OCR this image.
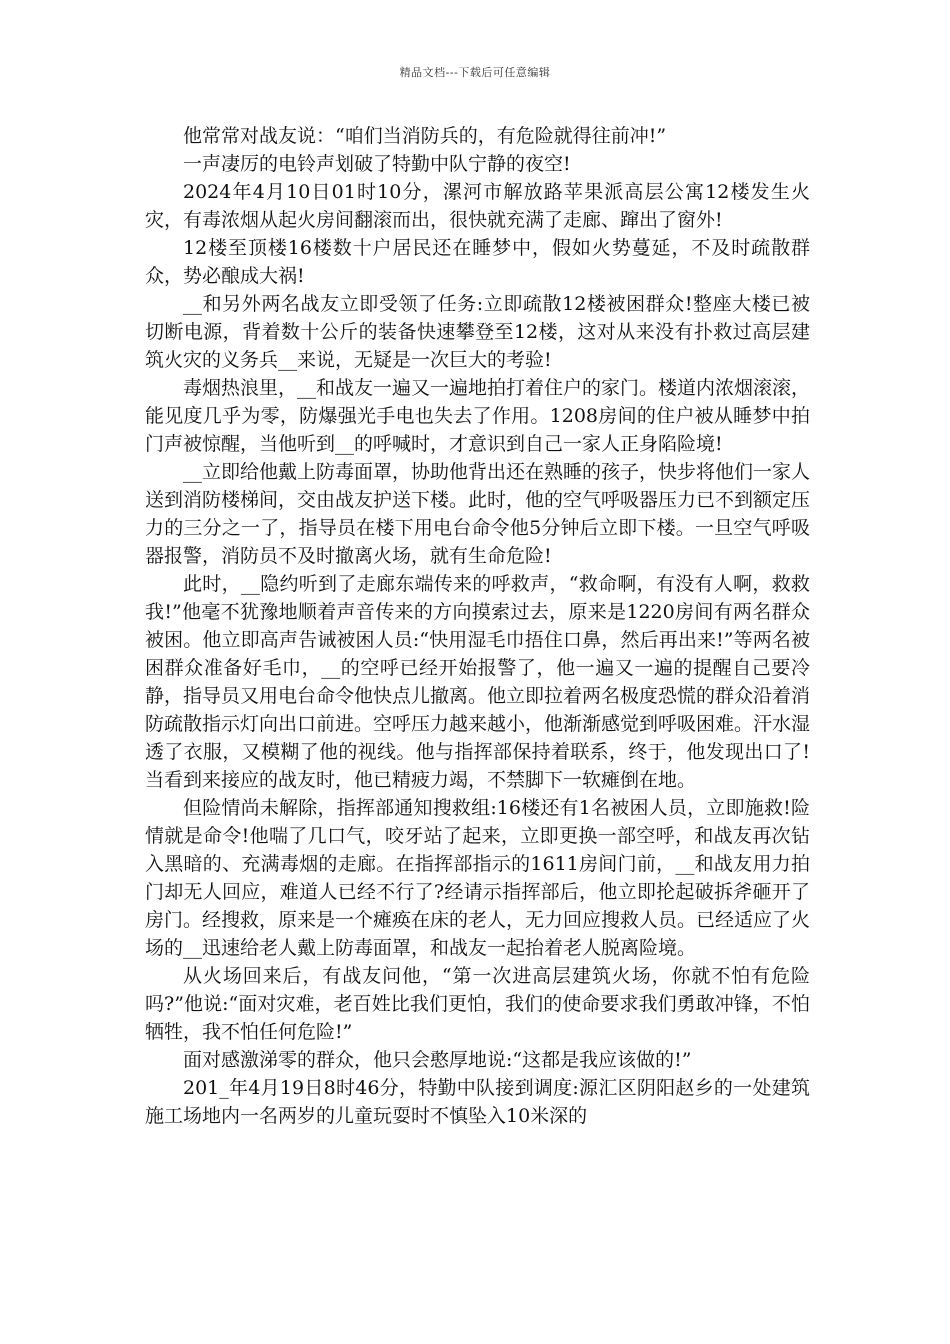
精品文档---下载后可任意编辑

他常常对战友说：“咱们当消防兵的，有危险就得往前冲!”

一声凄厉的电铃声划破了特勤中队宁静的夜空!

2024年4月10日01时10分，漯河市解放路苹果派高层公寓12楼发生火灾，有毒浓烟从起火房间翻滚而出，很快就充满了走廊、蹿出了窗外!

12楼至顶楼16楼数十户居民还在睡梦中，假如火势蔓延，不及时疏散群众，势必酿成大祸!

__和另外两名战友立即受领了任务:立即疏散12楼被困群众!整座大楼已被切断电源，背着数十公斤的装备快速攀登至12楼，这对从来没有扑救过高层建筑火灾的义务兵__来说，无疑是一次巨大的考验!

毒烟热浪里，__和战友一遍又一遍地拍打着住户的家门。楼道内浓烟滚滚，能见度几乎为零，防爆强光手电也失去了作用。1208房间的住户被从睡梦中拍门声被惊醒，当他听到__的呼喊时，才意识到自己一家人正身陷险境!

__立即给他戴上防毒面罩，协助他背出还在熟睡的孩子，快步将他们一家人送到消防楼梯间，交由战友护送下楼。此时，他的空气呼吸器压力已不到额定压力的三分之一了，指导员在楼下用电台命令他5分钟后立即下楼。一旦空气呼吸器报警，消防员不及时撤离火场，就有生命危险!

此时，__隐约听到了走廊东端传来的呼救声，“救命啊，有没有人啊，救救我!”他毫不犹豫地顺着声音传来的方向摸索过去，原来是1220房间有两名群众被困。他立即高声告诫被困人员:“快用湿毛巾捂住口鼻，然后再出来!”等两名被困群众准备好毛巾，__的空呼已经开始报警了，他一遍又一遍的提醒自己要冷静，指导员又用电台命令他快点儿撤离。他立即拉着两名极度恐慌的群众沿着消防疏散指示灯向出口前进。空呼压力越来越小，他渐渐感觉到呼吸困难。汗水湿透了衣服，又模糊了他的视线。他与指挥部保持着联系，终于，他发现出口了!当看到来接应的战友时，他已精疲力竭，不禁脚下一软瘫倒在地。

但险情尚未解除，指挥部通知搜救组:16楼还有1名被困人员，立即施救!险情就是命令!他喘了几口气，咬牙站了起来，立即更换一部空呼，和战友再次钻入黑暗的、充满毒烟的走廊。在指挥部指示的1611房间门前，__和战友用力拍门却无人回应，难道人已经不行了?经请示指挥部后，他立即抡起破拆斧砸开了房门。经搜救，原来是一个瘫痪在床的老人，无力回应搜救人员。已经适应了火场的__迅速给老人戴上防毒面罩，和战友一起抬着老人脱离险境。

从火场回来后，有战友问他，“第一次进高层建筑火场，你就不怕有危险吗?”他说:“面对灾难，老百姓比我们更怕，我们的使命要求我们勇敢冲锋，不怕牺牲，我不怕任何危险!”

面对感激涕零的群众，他只会憨厚地说:“这都是我应该做的!”

201_年4月19日8时46分，特勤中队接到调度:源汇区阴阳赵乡的一处建筑施工场地内一名两岁的儿童玩耍时不慎坠入10米深的
